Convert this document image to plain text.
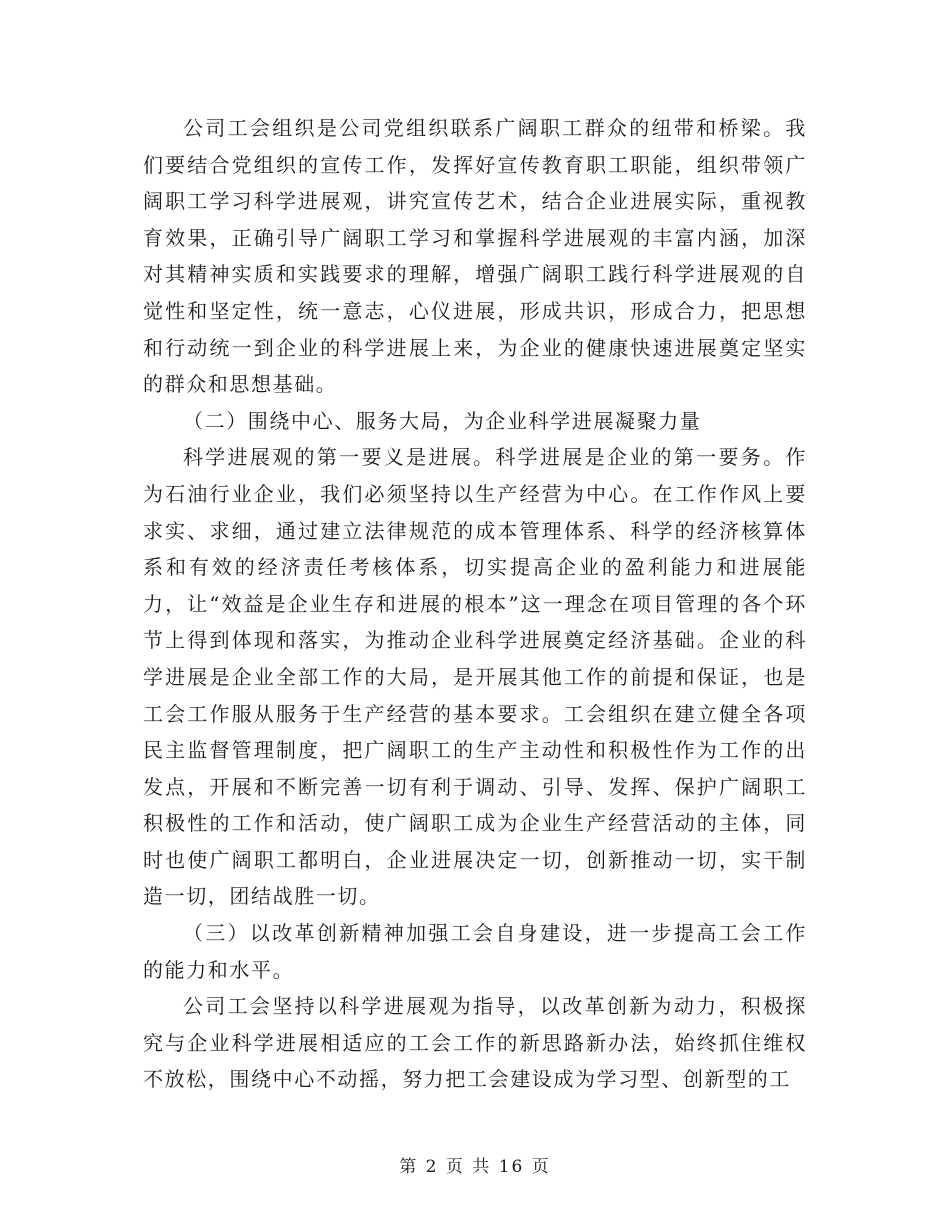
公司工会组织是公司党组织联系广阔职工群众的纽带和桥梁。我们要结合党组织的宣传工作，发挥好宣传教育职工职能，组织带领广阔职工学习科学进展观，讲究宣传艺术，结合企业进展实际，重视教育效果，正确引导广阔职工学习和掌握科学进展观的丰富内涵，加深对其精神实质和实践要求的理解，增强广阔职工践行科学进展观的自觉性和坚定性，统一意志，心仪进展，形成共识，形成合力，把思想和行动统一到企业的科学进展上来，为企业的健康快速进展奠定坚实的群众和思想基础。

（二）围绕中心、服务大局，为企业科学进展凝聚力量

科学进展观的第一要义是进展。科学进展是企业的第一要务。作为石油行业企业，我们必须坚持以生产经营为中心。在工作作风上要求实、求细，通过建立法律规范的成本管理体系、科学的经济核算体系和有效的经济责任考核体系，切实提高企业的盈利能力和进展能力，让“效益是企业生存和进展的根本”这一理念在项目管理的各个环节上得到体现和落实，为推动企业科学进展奠定经济基础。企业的科学进展是企业全部工作的大局，是开展其他工作的前提和保证，也是工会工作服从服务于生产经营的基本要求。工会组织在建立健全各项民主监督管理制度，把广阔职工的生产主动性和积极性作为工作的出发点，开展和不断完善一切有利于调动、引导、发挥、保护广阔职工积极性的工作和活动，使广阔职工成为企业生产经营活动的主体，同时也使广阔职工都明白，企业进展决定一切，创新推动一切，实干制造一切，团结战胜一切。

（三）以改革创新精神加强工会自身建设，进一步提高工会工作的能力和水平。

公司工会坚持以科学进展观为指导，以改革创新为动力，积极探究与企业科学进展相适应的工会工作的新思路新办法，始终抓住维权不放松，围绕中心不动摇，努力把工会建设成为学习型、创新型的工

第 2 页 共 16 页
